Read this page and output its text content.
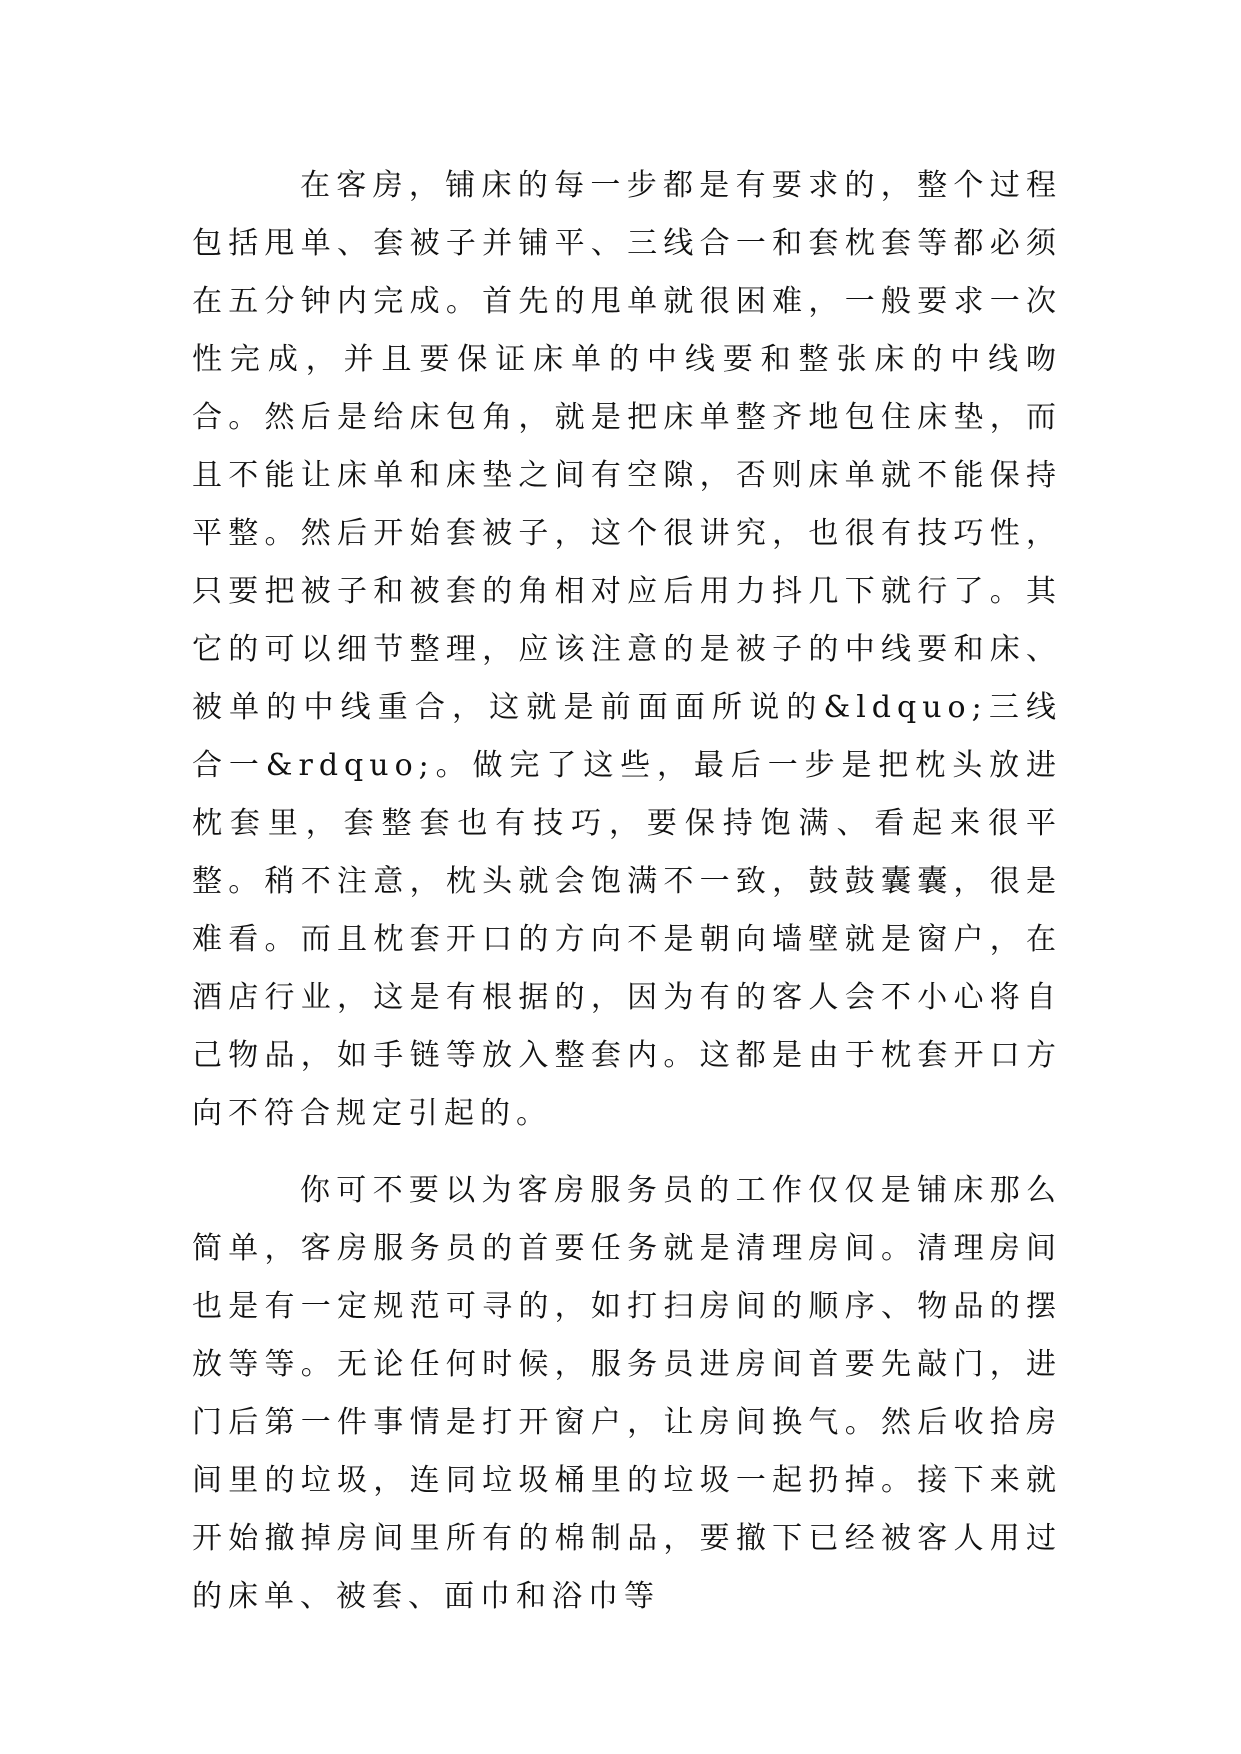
在客房，铺床的每一步都是有要求的，整个过程包括甩单、套被子并铺平、三线合一和套枕套等都必须在五分钟内完成。首先的甩单就很困难，一般要求一次性完成，并且要保证床单的中线要和整张床的中线吻合。然后是给床包角，就是把床单整齐地包住床垫，而且不能让床单和床垫之间有空隙，否则床单就不能保持平整。然后开始套被子，这个很讲究，也很有技巧性，只要把被子和被套的角相对应后用力抖几下就行了。其它的可以细节整理，应该注意的是被子的中线要和床、被单的中线重合，这就是前面面所说的&ldquo;三线合一&rdquo;。做完了这些，最后一步是把枕头放进枕套里，套整套也有技巧，要保持饱满、看起来很平整。稍不注意，枕头就会饱满不一致，鼓鼓囊囊，很是难看。而且枕套开口的方向不是朝向墙壁就是窗户，在酒店行业，这是有根据的，因为有的客人会不小心将自己物品，如手链等放入整套内。这都是由于枕套开口方向不符合规定引起的。

你可不要以为客房服务员的工作仅仅是铺床那么简单，客房服务员的首要任务就是清理房间。清理房间也是有一定规范可寻的，如打扫房间的顺序、物品的摆放等等。无论任何时候，服务员进房间首要先敲门，进门后第一件事情是打开窗户，让房间换气。然后收拾房间里的垃圾，连同垃圾桶里的垃圾一起扔掉。接下来就开始撤掉房间里所有的棉制品，要撤下已经被客人用过的床单、被套、面巾和浴巾等
